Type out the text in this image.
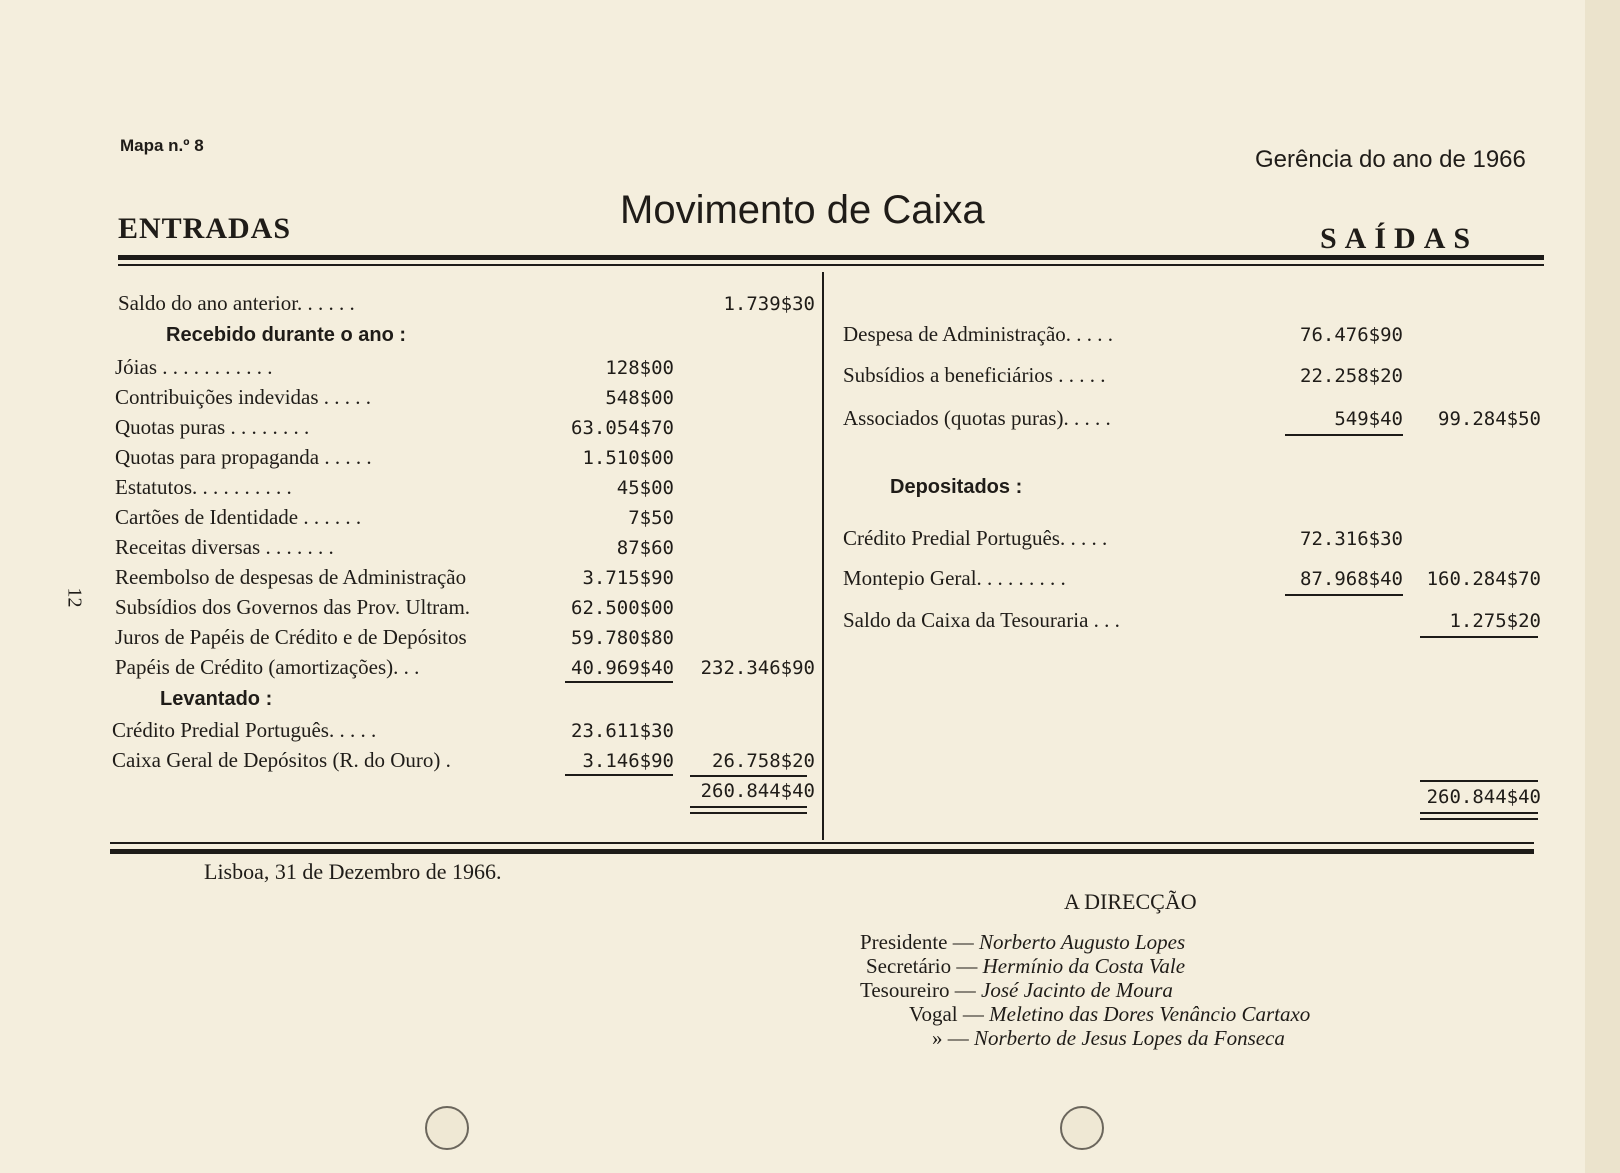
Mapa n.º 8
Gerência do ano de 1966
Movimento de Caixa
ENTRADAS	SAÍDAS
Saldo do ano anterior. . . . . .	1.739$30
Recebido durante o ano :
Jóias . . . . . . . . . . .	128$00
Contribuições indevidas . . . . .	548$00
Quotas puras . . . . . . . .	63.054$70
Quotas para propaganda . . . . .	1.510$00
Estatutos. . . . . . . . . .	45$00
Cartões de Identidade . . . . . .	7$50
Receitas diversas . . . . . . .	87$60
Reembolso de despesas de Administração	3.715$90
Subsídios dos Governos das Prov. Ultram.	62.500$00
Juros de Papéis de Crédito e de Depósitos	59.780$80
Papéis de Crédito (amortizações). . .	40.969$40	232.346$90
Levantado :
Crédito Predial Português. . . . .	23.611$30
Caixa Geral de Depósitos (R. do Ouro) .	3.146$90	26.758$20
260.844$40
Despesa de Administração. . . . .	76.476$90
Subsídios a beneficiários . . . . .	22.258$20
Associados (quotas puras). . . . .	549$40	99.284$50
Depositados :
Crédito Predial Português. . . . .	72.316$30
Montepio Geral. . . . . . . . .	87.968$40	160.284$70
Saldo da Caixa da Tesouraria . . .	1.275$20
260.844$40
Lisboa, 31 de Dezembro de 1966.
A DIRECÇÃO
Presidente — Norberto Augusto Lopes
Secretário — Hermínio da Costa Vale
Tesoureiro — José Jacinto de Moura
Vogal — Meletino das Dores Venâncio Cartaxo
» — Norberto de Jesus Lopes da Fonseca
12
